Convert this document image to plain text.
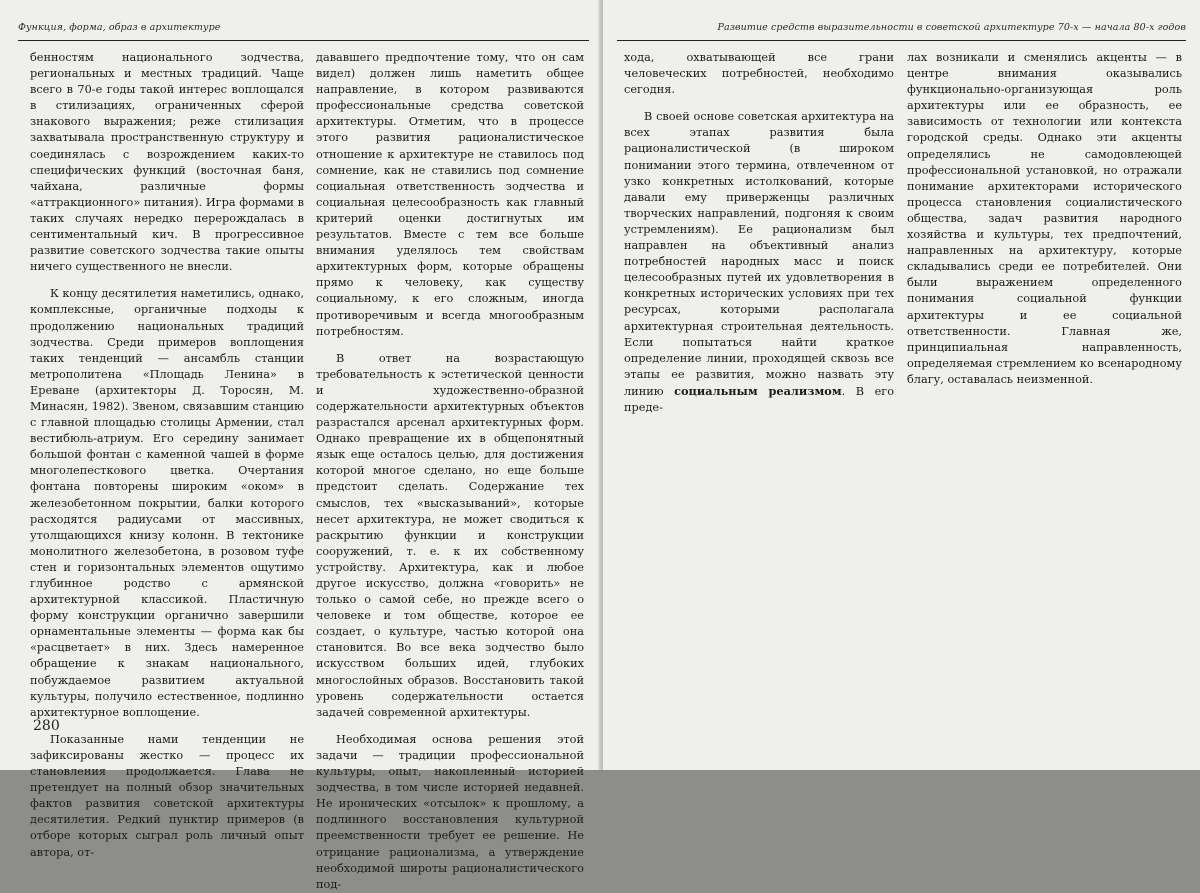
Функция, форма, образ в архитектуре

бенностям национального зодчества, региональных и местных традиций. Чаще всего в 70-е годы такой интерес воплощался в стилизациях, ограниченных сферой знакового выражения; реже стилизация захватывала пространственную структуру и соединялась с возрождением каких-то специфических функций (восточная баня, чайхана, различные формы «аттракционного» питания). Игра формами в таких случаях нередко перерождалась в сентиментальный кич. В прогрессивное развитие советского зодчества такие опыты ничего существенного не внесли.

К концу десятилетия наметились, однако, комплексные, органичные подходы к продолжению национальных традиций зодчества. Среди примеров воплощения таких тенденций — ансамбль станции метрополитена «Площадь Ленина» в Ереване (архитекторы Д. Торосян, М. Минасян, 1982). Звеном, связавшим станцию с главной площадью столицы Армении, стал вестибюль-атриум. Его середину занимает большой фонтан с каменной чашей в форме многолепесткового цветка. Очертания фонтана повторены широким «оком» в железобетонном покрытии, балки которого расходятся радиусами от массивных, утолщающихся книзу колонн. В тектонике монолитного железобетона, в розовом туфе стен и горизонтальных элементов ощутимо глубинное родство с армянской архитектурной классикой. Пластичную форму конструкции органично завершили орнаментальные элементы — форма как бы «расцветает» в них. Здесь намеренное обращение к знакам национального, побуждаемое развитием актуальной культуры, получило естественное, подлинно архитектурное воплощение.

Показанные нами тенденции не зафиксированы жестко — процесс их становления продолжается. Глава не претендует на полный обзор значительных фактов развития советской архитектуры десятилетия. Редкий пунктир примеров (в отборе которых сыграл роль личный опыт автора, от-

дававшего предпочтение тому, что он сам видел) должен лишь наметить общее направление, в котором развиваются профессиональные средства советской архитектуры. Отметим, что в процессе этого развития рационалистическое отношение к архитектуре не ставилось под сомнение, как не ставились под сомнение социальная ответственность зодчества и социальная целесообразность как главный критерий оценки достигнутых им результатов. Вместе с тем все больше внимания уделялось тем свойствам архитектурных форм, которые обращены прямо к человеку, как существу социальному, к его сложным, иногда противоречивым и всегда многообразным потребностям.

В ответ на возрастающую требовательность к эстетической ценности и художественно-образной содержательности архитектурных объектов разрастался арсенал архитектурных форм. Однако превращение их в общепонятный язык еще осталось целью, для достижения которой многое сделано, но еще больше предстоит сделать. Содержание тех смыслов, тех «высказываний», которые несет архитектура, не может сводиться к раскрытию функции и конструкции сооружений, т. е. к их собственному устройству. Архитектура, как и любое другое искусство, должна «говорить» не только о самой себе, но прежде всего о человеке и том обществе, которое ее создает, о культуре, частью которой она становится. Во все века зодчество было искусством больших идей, глубоких многослойных образов. Восстановить такой уровень содержательности остается задачей современной архитектуры.

Необходимая основа решения этой задачи — традиции профессиональной культуры, опыт, накопленный историей зодчества, в том числе историей недавней. Не иронических «отсылок» к прошлому, а подлинного восстановления культурной преемственности требует ее решение. Не отрицание рационализма, а утверждение необходимой широты рационалистического под-

280
Развитие средств выразительности в советской архитектуре 70-х — начала 80-х годов

хода, охватывающей все грани человеческих потребностей, необходимо сегодня.

В своей основе советская архитектура на всех этапах развития была рационалистической (в широком понимании этого термина, отвлеченном от узко конкретных истолкований, которые давали ему приверженцы различных творческих направлений, подгоняя к своим устремлениям). Ее рационализм был направлен на объективный анализ потребностей народных масс и поиск целесообразных путей их удовлетворения в конкретных исторических условиях при тех ресурсах, которыми располагала архитектурная строительная деятельность. Если попытаться найти краткое определение линии, проходящей сквозь все этапы ее развития, можно назвать эту линию социальным реализмом. В его преде-

лах возникали и сменялись акценты — в центре внимания оказывались функционально-организующая роль архитектуры или ее образность, ее зависимость от технологии или контекста городской среды. Однако эти акценты определялись не самодовлеющей профессиональной установкой, но отражали понимание архитекторами исторического процесса становления социалистического общества, задач развития народного хозяйства и культуры, тех предпочтений, направленных на архитектуру, которые складывались среди ее потребителей. Они были выражением определенного понимания социальной функции архитектуры и ее социальной ответственности. Главная же, принципиальная направленность, определяемая стремлением ко всенародному благу, оставалась неизменной.
